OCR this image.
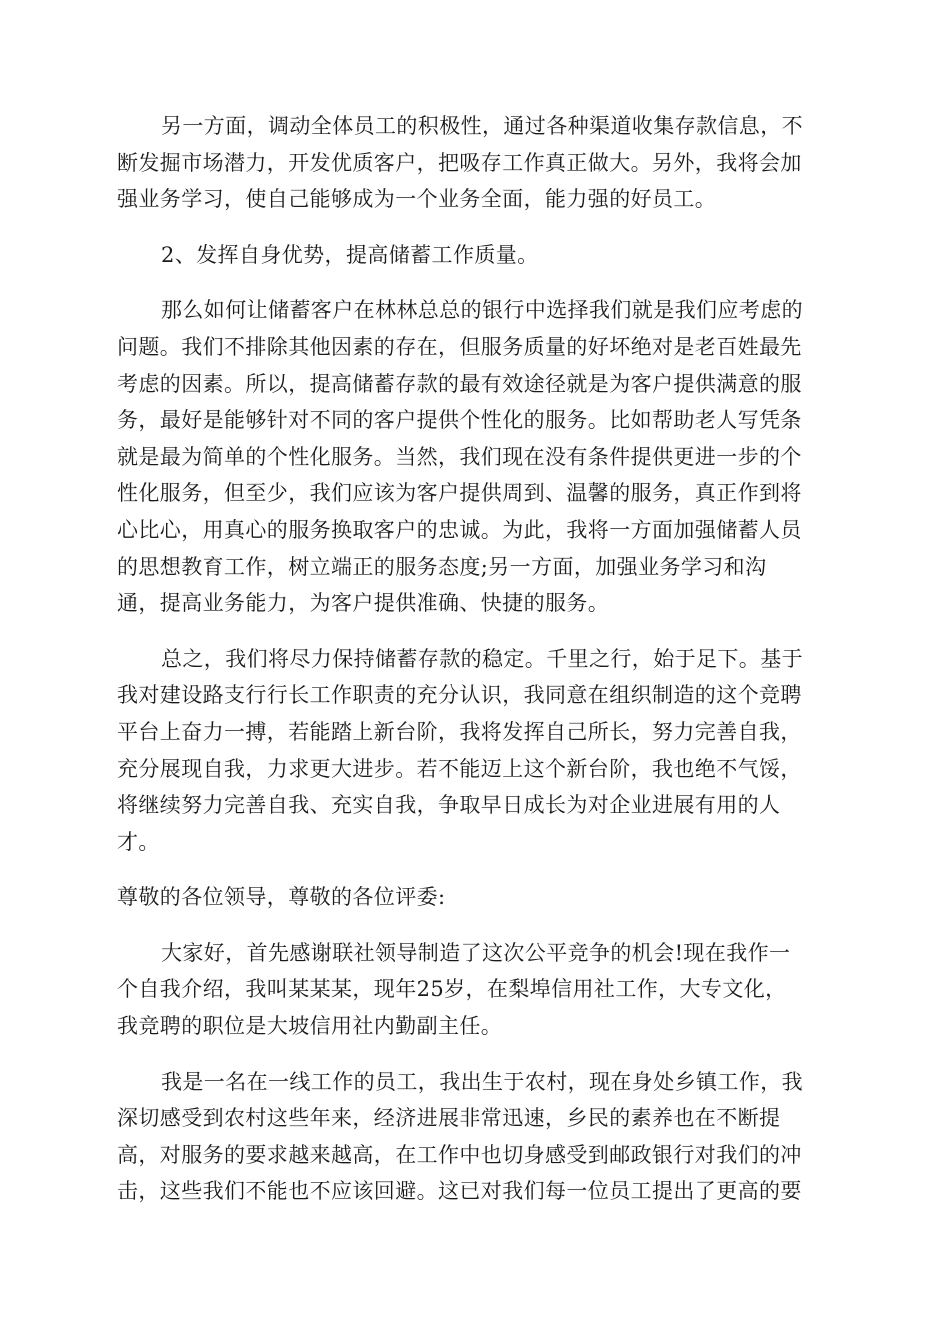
另一方面，调动全体员工的积极性，通过各种渠道收集存款信息，不
断发掘市场潜力，开发优质客户，把吸存工作真正做大。另外，我将会加
强业务学习，使自己能够成为一个业务全面，能力强的好员工。

2、发挥自身优势，提高储蓄工作质量。

那么如何让储蓄客户在林林总总的银行中选择我们就是我们应考虑的
问题。我们不排除其他因素的存在，但服务质量的好坏绝对是老百姓最先
考虑的因素。所以，提高储蓄存款的最有效途径就是为客户提供满意的服
务，最好是能够针对不同的客户提供个性化的服务。比如帮助老人写凭条
就是最为简单的个性化服务。当然，我们现在没有条件提供更进一步的个
性化服务，但至少，我们应该为客户提供周到、温馨的服务，真正作到将
心比心，用真心的服务换取客户的忠诚。为此，我将一方面加强储蓄人员
的思想教育工作，树立端正的服务态度;另一方面，加强业务学习和沟
通，提高业务能力，为客户提供准确、快捷的服务。

总之，我们将尽力保持储蓄存款的稳定。千里之行，始于足下。基于
我对建设路支行行长工作职责的充分认识，我同意在组织制造的这个竞聘
平台上奋力一搏，若能踏上新台阶，我将发挥自己所长，努力完善自我，
充分展现自我，力求更大进步。若不能迈上这个新台阶，我也绝不气馁，
将继续努力完善自我、充实自我，争取早日成长为对企业进展有用的人
才。

尊敬的各位领导，尊敬的各位评委:

大家好，首先感谢联社领导制造了这次公平竞争的机会!现在我作一
个自我介绍，我叫某某某，现年25岁，在梨埠信用社工作，大专文化，
我竞聘的职位是大坡信用社内勤副主任。

我是一名在一线工作的员工，我出生于农村，现在身处乡镇工作，我
深切感受到农村这些年来，经济进展非常迅速，乡民的素养也在不断提
高，对服务的要求越来越高，在工作中也切身感受到邮政银行对我们的冲
击，这些我们不能也不应该回避。这已对我们每一位员工提出了更高的要
